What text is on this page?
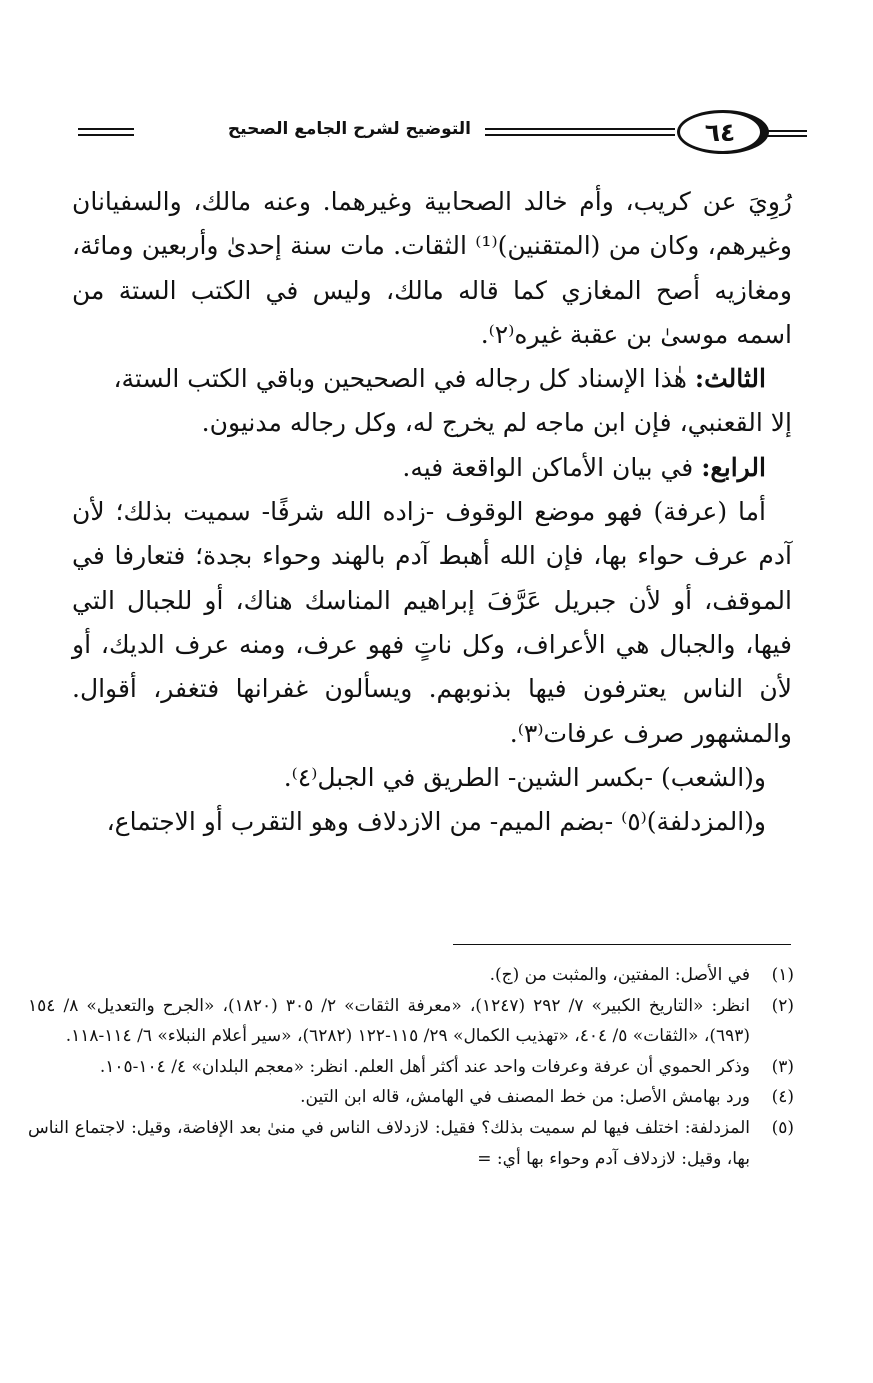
٦٤
التوضيح لشرح الجامع الصحيح

رُوِيَ عن كريب، وأم خالد الصحابية وغيرهما. وعنه مالك، والسفيانان وغيرهم، وكان من (المتقنين)⁽¹⁾ الثقات. مات سنة إحدىٰ وأربعين ومائة، ومغازيه أصح المغازي كما قاله مالك، وليس في الكتب الستة من اسمه موسىٰ بن عقبة غيره⁽٢⁾.

الثالث: هٰذا الإسناد كل رجاله في الصحيحين وباقي الكتب الستة،

إلا القعنبي، فإن ابن ماجه لم يخرج له، وكل رجاله مدنيون.

الرابع: في بيان الأماكن الواقعة فيه.

أما (عرفة) فهو موضع الوقوف -زاده الله شرفًا- سميت بذلك؛ لأن آدم عرف حواء بها، فإن الله أهبط آدم بالهند وحواء بجدة؛ فتعارفا في الموقف، أو لأن جبريل عَرَّفَ إبراهيم المناسك هناك، أو للجبال التي فيها، والجبال هي الأعراف، وكل ناتٍ فهو عرف، ومنه عرف الديك، أو لأن الناس يعترفون فيها بذنوبهم. ويسألون غفرانها فتغفر، أقوال. والمشهور صرف عرفات⁽٣⁾.

و(الشعب) -بكسر الشين- الطريق في الجبل⁽٤⁾.

و(المزدلفة)⁽٥⁾ -بضم الميم- من الازدلاف وهو التقرب أو الاجتماع،

(١)
في الأصل: المفتين، والمثبت من (ج).
(٢)
انظر: «التاريخ الكبير» ٧/ ٢٩٢ (١٢٤٧)، «معرفة الثقات» ٢/ ٣٠٥ (١٨٢٠)، «الجرح والتعديل» ٨/ ١٥٤ (٦٩٣)، «الثقات» ٥/ ٤٠٤، «تهذيب الكمال» ٢٩/ ١١٥-١٢٢ (٦٢٨٢)، «سير أعلام النبلاء» ٦/ ١١٤-١١٨.
(٣)
وذكر الحموي أن عرفة وعرفات واحد عند أكثر أهل العلم. انظر: «معجم البلدان» ٤/ ١٠٤-١٠٥.
(٤)
ورد بهامش الأصل: من خط المصنف في الهامش، قاله ابن التين.
(٥)
المزدلفة: اختلف فيها لم سميت بذلك؟ فقيل: لازدلاف الناس في منىٰ بعد الإفاضة، وقيل: لاجتماع الناس بها، وقيل: لازدلاف آدم وحواء بها أي: =
